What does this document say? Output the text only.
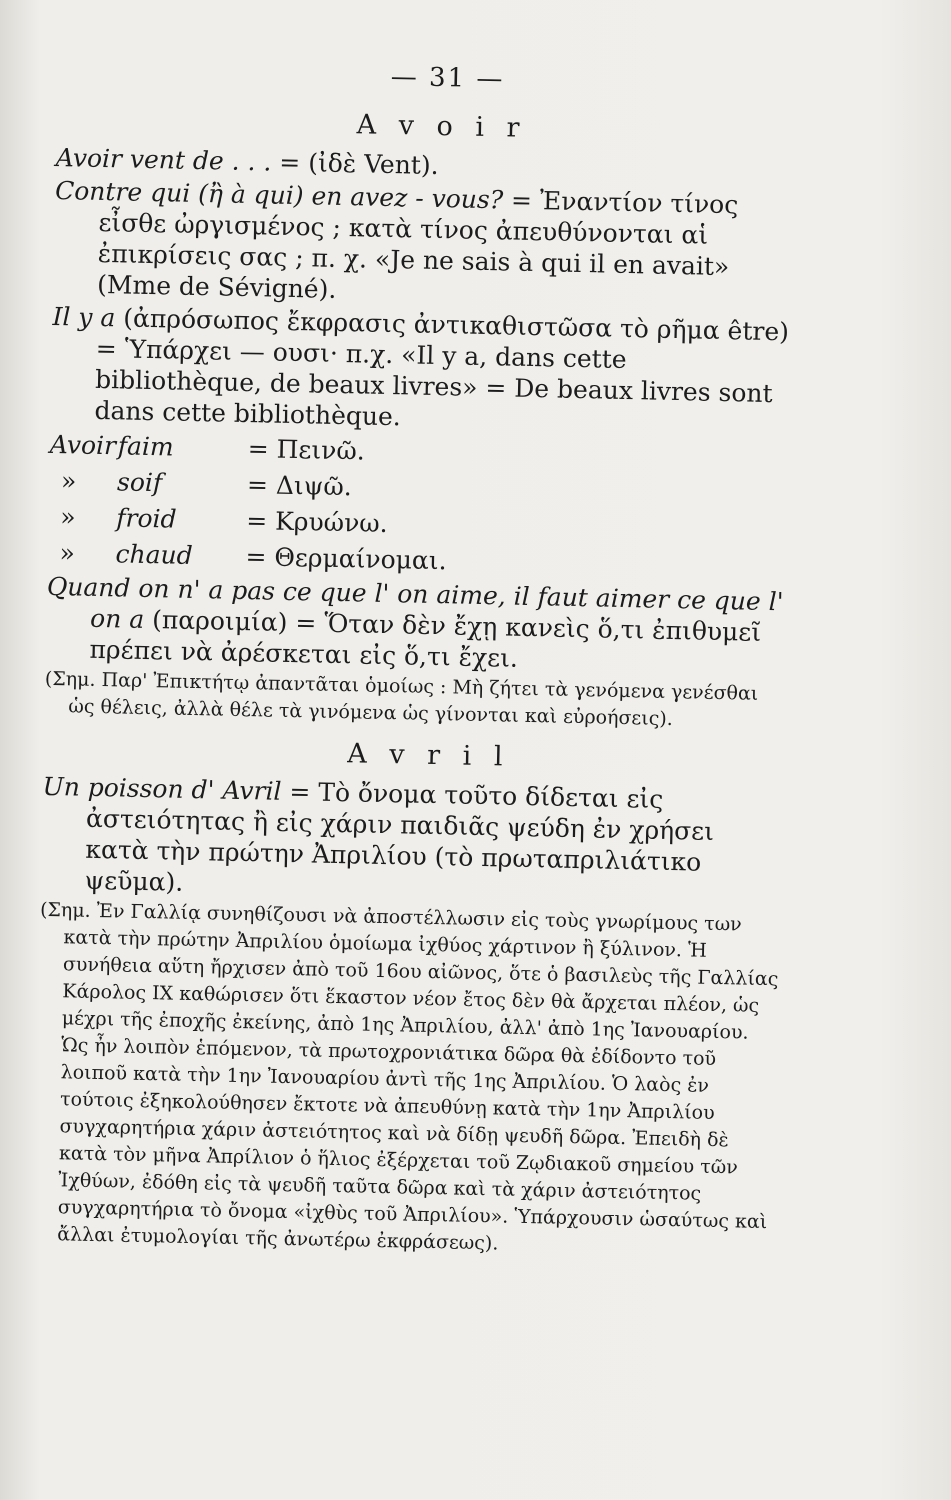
— 31 —
A v o i r
Avoir vent de . . . = (ἰδὲ Vent).
Contre qui (ἢ à qui) en avez - vous? = Ἐναντίον τίνος εἶσθε ὠργισμένος ; κατὰ τίνος ἀπευθύνονται αἱ ἐπικρίσεις σας ; π. χ. «Je ne sais à qui il en avait» (Mme de Sévigné).
Il y a (ἀπρόσωπος ἔκφρασις ἀντικαθιστῶσα τὸ ρῆμα être) = Ὑπάρχει — ουσι· π.χ. «Il y a, dans cette bibliothèque, de beaux livres» = De beaux livres sont dans cette bibliothèque.
Avoir faim	= Πεινῶ.
»	soif	= Διψῶ.
»	froid	= Κρυώνω.
»	chaud	= Θερμαίνομαι.
Quand on n' a pas ce que l' on aime, il faut aimer ce que l' on a (παροιμία) = Ὅταν δὲν ἔχῃ κανεὶς ὅ,τι ἐπιθυμεῖ πρέπει νὰ ἀρέσκεται εἰς ὅ,τι ἔχει.
(Σημ. Παρ' Ἐπικτήτῳ ἀπαντᾶται ὁμοίως : Μὴ ζήτει τὰ γενόμενα γενέσθαι ὡς θέλεις, ἀλλὰ θέλε τὰ γινόμενα ὡς γίνονται καὶ εὐροήσεις).
A v r i l
Un poisson d' Avril = Τὸ ὄνομα τοῦτο δίδεται εἰς ἀστειότητας ἢ εἰς χάριν παιδιᾶς ψεύδη ἐν χρήσει κατὰ τὴν πρώτην Ἀπριλίου (τὸ πρωταπριλιάτικο ψεῦμα).
(Σημ. Ἐν Γαλλίᾳ συνηθίζουσι νὰ ἀποστέλλωσιν εἰς τοὺς γνωρίμους των κατὰ τὴν πρώτην Ἀπριλίου ὁμοίωμα ἰχθύος χάρτινον ἢ ξύλινον. Ἡ συνήθεια αὕτη ἤρχισεν ἀπὸ τοῦ 16ου αἰῶνος, ὅτε ὁ βασιλεὺς τῆς Γαλλίας Κάρολος IX καθώρισεν ὅτι ἕκαστον νέον ἔτος δὲν θὰ ἄρχεται πλέον, ὡς μέχρι τῆς ἐποχῆς ἐκείνης, ἀπὸ 1ης Ἀπριλίου, ἀλλ' ἀπὸ 1ης Ἰανουαρίου. Ὡς ἦν λοιπὸν ἑπόμενον, τὰ πρωτοχρονιάτικα δῶρα θὰ ἐδίδοντο τοῦ λοιποῦ κατὰ τὴν 1ην Ἰανουαρίου ἀντὶ τῆς 1ης Ἀπριλίου. Ὁ λαὸς ἐν τούτοις ἐξηκολούθησεν ἔκτοτε νὰ ἀπευθύνῃ κατὰ τὴν 1ην Ἀπριλίου συγχαρητήρια χάριν ἀστειότητος καὶ νὰ δίδῃ ψευδῆ δῶρα. Ἐπειδὴ δὲ κατὰ τὸν μῆνα Ἀπρίλιον ὁ ἥλιος ἐξέρχεται τοῦ Ζῳδιακοῦ σημείου τῶν Ἰχθύων, ἐδόθη εἰς τὰ ψευδῆ ταῦτα δῶρα καὶ τὰ χάριν ἀστειότητος συγχαρητήρια τὸ ὄνομα «ἰχθὺς τοῦ Ἀπριλίου». Ὑπάρχουσιν ὡσαύτως καὶ ἄλλαι ἐτυμολογίαι τῆς ἀνωτέρω ἐκφράσεως).
